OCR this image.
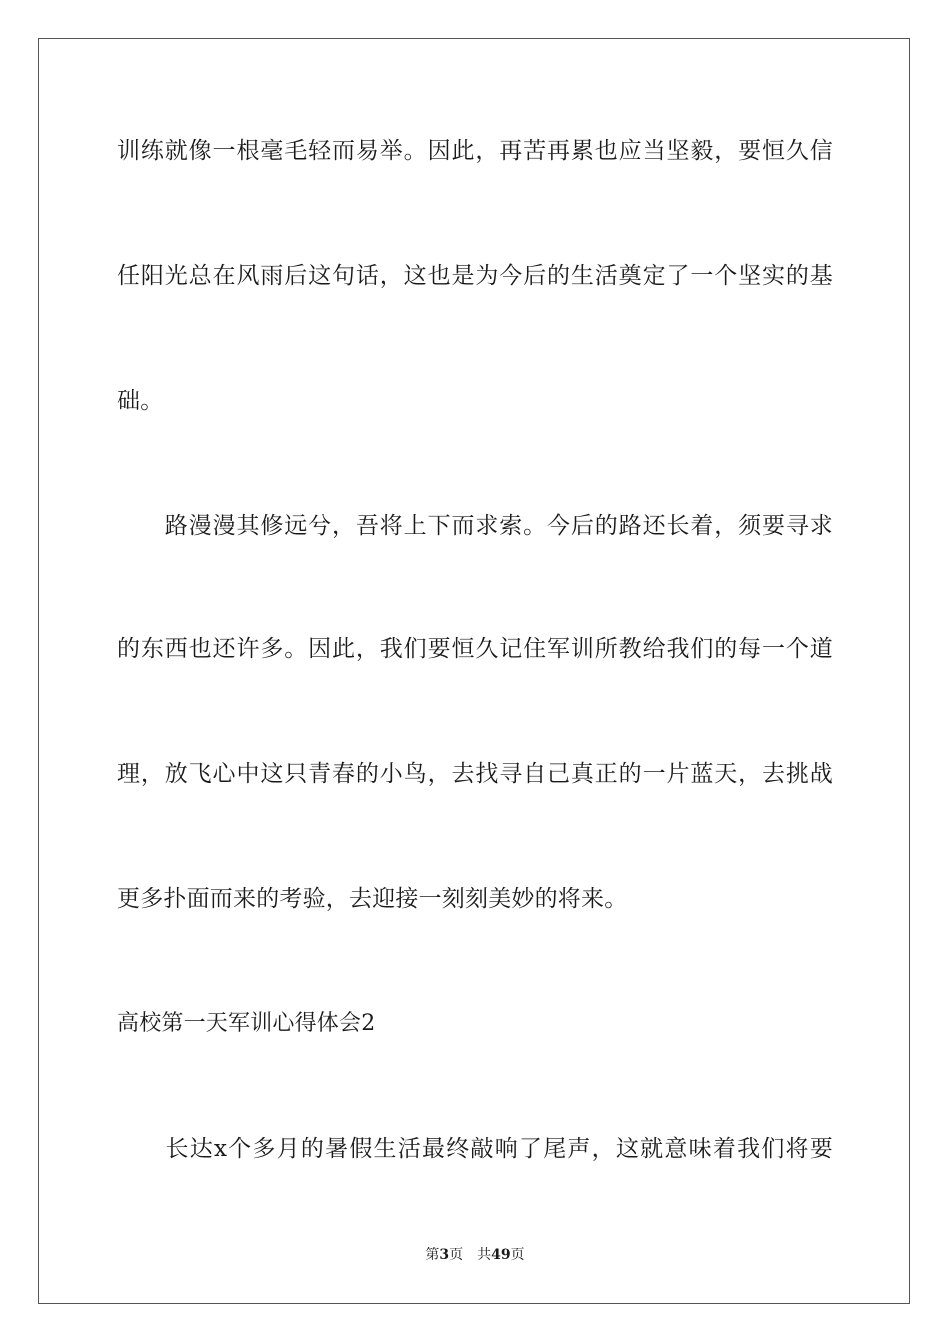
训练就像一根毫毛轻而易举。因此，再苦再累也应当坚毅，要恒久信
任阳光总在风雨后这句话，这也是为今后的生活奠定了一个坚实的基
础。
　　路漫漫其修远兮，吾将上下而求索。今后的路还长着，须要寻求
的东西也还许多。因此，我们要恒久记住军训所教给我们的每一个道
理，放飞心中这只青春的小鸟，去找寻自己真正的一片蓝天，去挑战
更多扑面而来的考验，去迎接一刻刻美妙的将来。
高校第一天军训心得体会2
　　长达x个多月的暑假生活最终敲响了尾声，这就意味着我们将要
第3页 共49页
